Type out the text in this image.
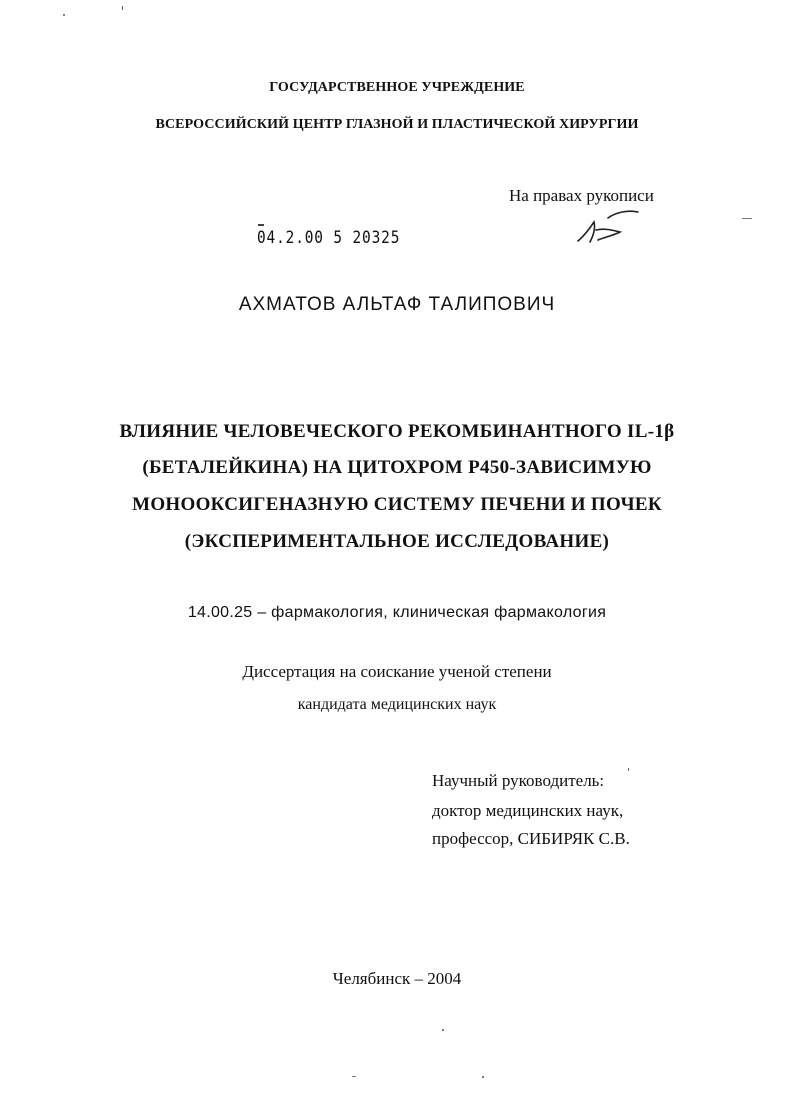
ГОСУДАРСТВЕННОЕ УЧРЕЖДЕНИЕ
ВСЕРОССИЙСКИЙ ЦЕНТР ГЛАЗНОЙ И ПЛАСТИЧЕСКОЙ ХИРУРГИИ
На правах рукописи
04.2.00 5 20325
АХМАТОВ АЛЬТАФ ТАЛИПОВИЧ
ВЛИЯНИЕ ЧЕЛОВЕЧЕСКОГО РЕКОМБИНАНТНОГО IL-1β
(БЕТАЛЕЙКИНА) НА ЦИТОХРОМ Р450-ЗАВИСИМУЮ
МОНООКСИГЕНАЗНУЮ СИСТЕМУ ПЕЧЕНИ И ПОЧЕК
(ЭКСПЕРИМЕНТАЛЬНОЕ ИССЛЕДОВАНИЕ)
14.00.25 – фармакология, клиническая фармакология
Диссертация на соискание ученой степени
кандидата медицинских наук
Научный руководитель:
доктор медицинских наук,
профессор, СИБИРЯК С.В.
Челябинск – 2004
